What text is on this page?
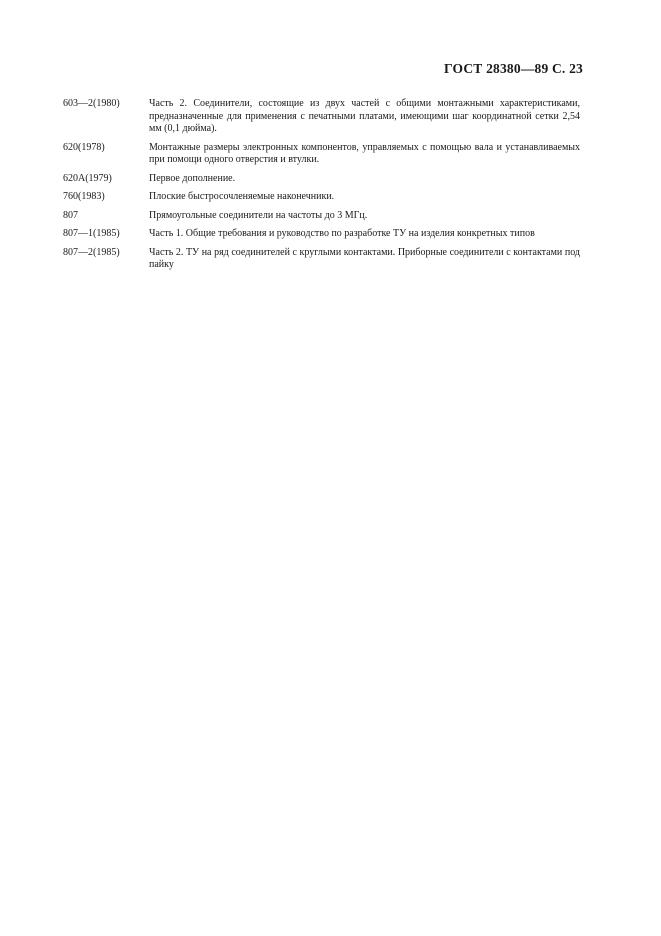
ГОСТ 28380—89 С. 23
603—2(1980)	Часть 2. Соединители, состоящие из двух частей с общими монтажными характеристиками, предназначенные для применения с печатными платами, имеющими шаг координатной сетки 2,54 мм (0,1 дюйма).
620(1978)	Монтажные размеры электронных компонентов, управляемых с помощью вала и устанавливаемых при помощи одного отверстия и втулки.
620А(1979)	Первое дополнение.
760(1983)	Плоские быстросочленяемые наконечники.
807	Прямоугольные соединители на частоты до 3 МГц.
807—1(1985)	Часть 1. Общие требования и руководство по разработке ТУ на изделия конкретных типов
807—2(1985)	Часть 2. ТУ на ряд соединителей с круглыми контактами. Приборные соединители с контактами под пайку
